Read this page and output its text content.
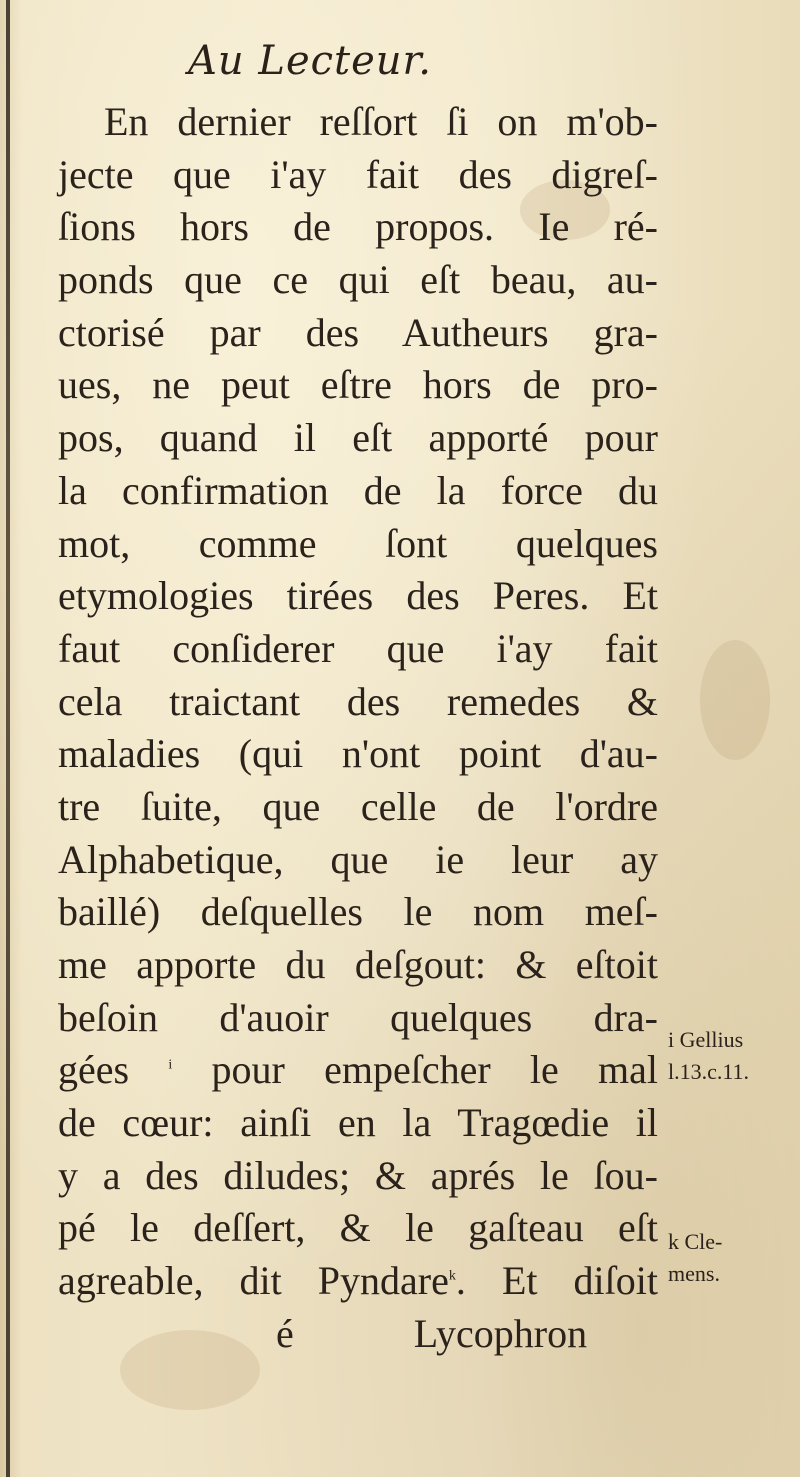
Au Lecteur.
En dernier reſſort ſi on m'ob-
jecte que i'ay fait des digreſ-
ſions hors de propos. Ie ré-
ponds que ce qui eſt beau, au-
ctorisé par des Autheurs gra-
ues, ne peut eſtre hors de pro-
pos, quand il eſt apporté pour
la confirmation de la force du
mot, comme ſont quelques
etymologies tirées des Peres. Et
faut conſiderer que i'ay fait
cela traictant des remedes &
maladies (qui n'ont point d'au-
tre ſuite, que celle de l'ordre
Alphabetique, que ie leur ay
baillé) deſquelles le nom meſ-
me apporte du deſgout: & eſtoit
beſoin d'auoir quelques dra-
gées	$^i$ pour empeſcher le mal
de cœur: ainſi en la Tragœdie il
y a des diludes; & aprés le ſou-
pé le deſſert, & le gaſteau eſt
agreable, dit Pyndare$^k$. Et diſoit
é	Lycophron
i Gellius
l.13.c.11.
k Cle-
mens.
